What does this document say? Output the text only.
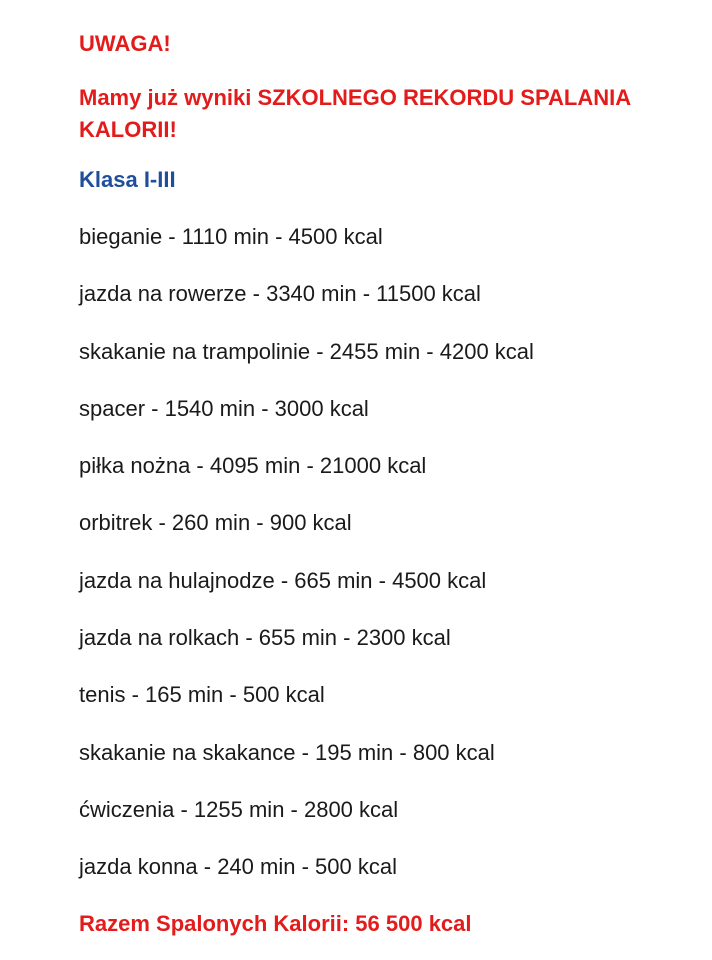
UWAGA!

Mamy już wyniki SZKOLNEGO REKORDU SPALANIA KALORII!

Klasa I-III

bieganie - 1110 min - 4500 kcal
jazda na rowerze - 3340 min - 11500 kcal
skakanie na trampolinie - 2455 min - 4200 kcal
spacer - 1540 min - 3000 kcal
piłka nożna - 4095 min - 21000 kcal
orbitrek - 260 min - 900 kcal
jazda na hulajnodze - 665 min - 4500 kcal
jazda na rolkach - 655 min - 2300 kcal
tenis - 165 min - 500 kcal
skakanie na skakance - 195 min - 800 kcal
ćwiczenia - 1255 min - 2800 kcal
jazda konna - 240 min - 500 kcal

Razem Spalonych Kalorii: 56 500 kcal
